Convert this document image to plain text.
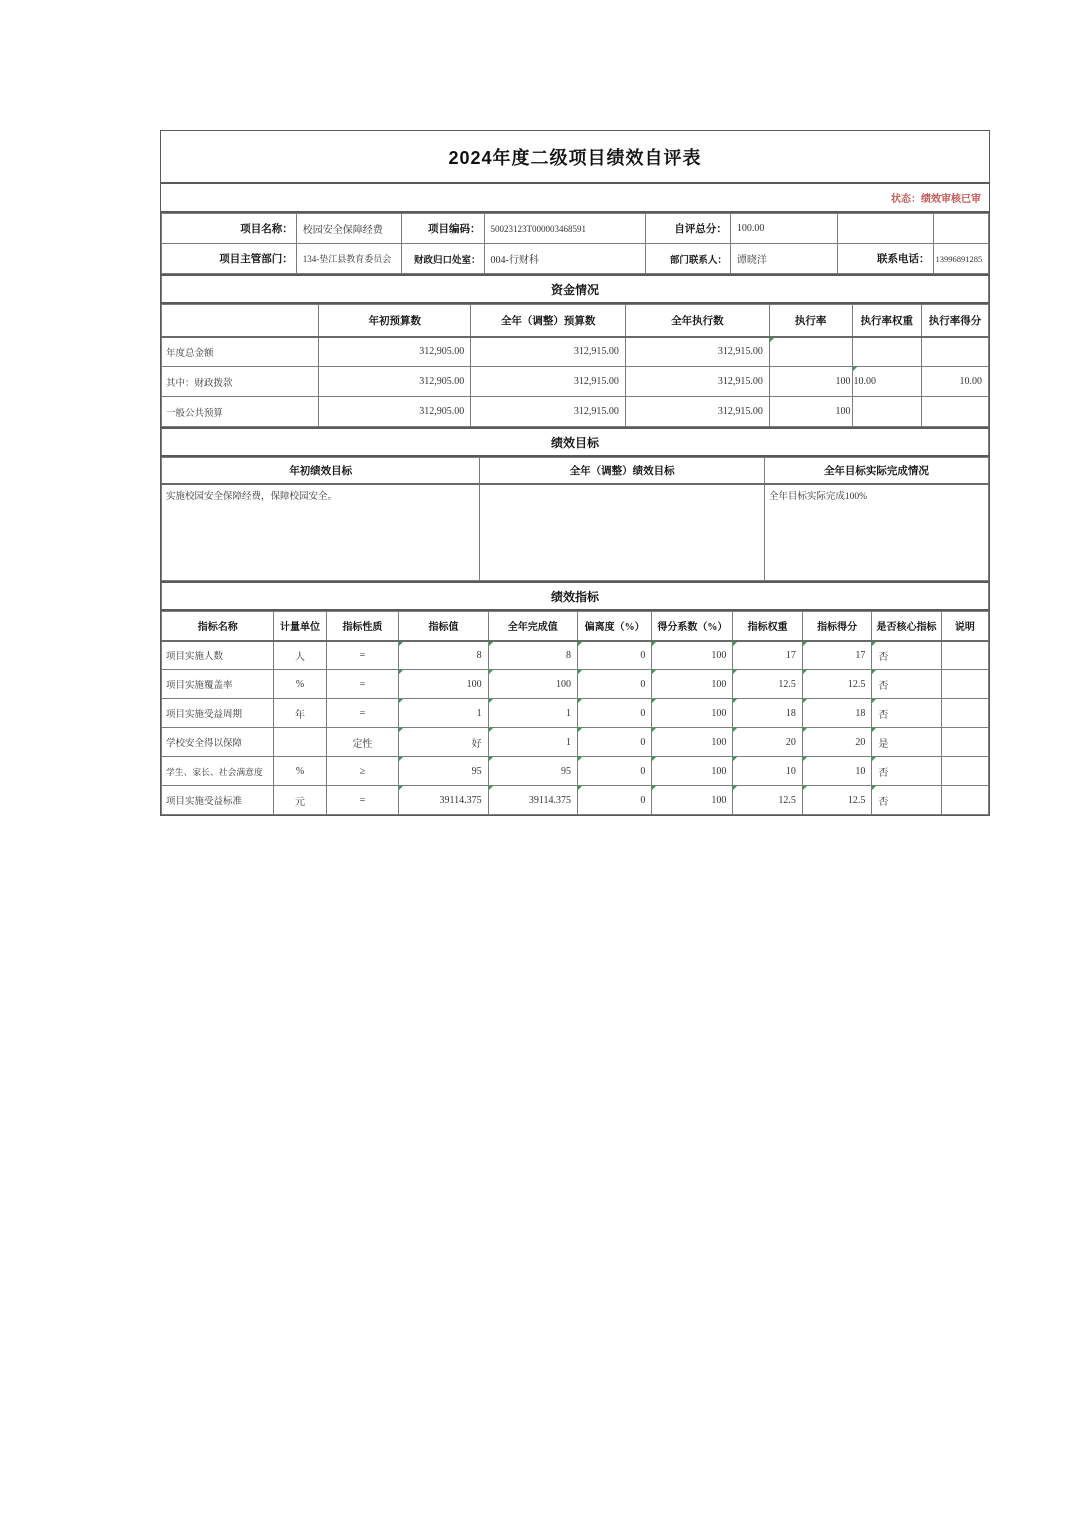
2024年度二级项目绩效自评表
状态：绩效审核已审
项目名称：	校园安全保障经费	项目编码：	50023123T000003468591	自评总分：	100.00		
项目主管部门：	134-垫江县教育委员会	财政归口处室：	004-行财科	部门联系人：	谭晓洋	联系电话：	13996891285
资金情况
	年初预算数	全年（调整）预算数	全年执行数	执行率	执行率权重	执行率得分
年度总金额	312,905.00	312,915.00	312,915.00			
其中：财政拨款	312,905.00	312,915.00	312,915.00	100	10.00	10.00
一般公共预算	312,905.00	312,915.00	312,915.00	100		
绩效目标
年初绩效目标	全年（调整）绩效目标	全年目标实际完成情况
实施校园安全保障经费，保障校园安全。		全年目标实际完成100%
绩效指标
指标名称	计量单位	指标性质	指标值	全年完成值	偏离度（%）	得分系数（%）	指标权重	指标得分	是否核心指标	说明
项目实施人数	人	=	8	8	0	100	17	17	否	
项目实施覆盖率	%	=	100	100	0	100	12.5	12.5	否	
项目实施受益周期	年	=	1	1	0	100	18	18	否	
学校安全得以保障		定性	好	1	0	100	20	20	是	
学生、家长、社会满意度	%	≥	95	95	0	100	10	10	否	
项目实施受益标准	元	=	39114.375	39114.375	0	100	12.5	12.5	否	
